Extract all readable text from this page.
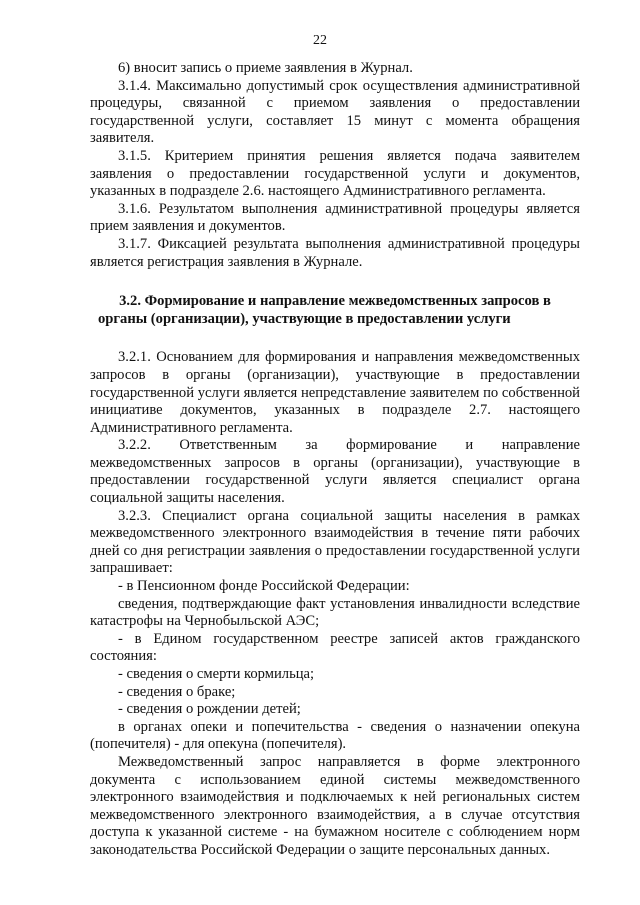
22

6) вносит запись о приеме заявления в Журнал.

3.1.4. Максимально допустимый срок осуществления административной процедуры, связанной с приемом заявления о предоставлении государственной услуги, составляет 15 минут с момента обращения заявителя.

3.1.5. Критерием принятия решения является подача заявителем заявления о предоставлении государственной услуги и документов, указанных в подразделе 2.6. настоящего Административного регламента.

3.1.6. Результатом выполнения административной процедуры является прием заявления и документов.

3.1.7. Фиксацией результата выполнения административной процедуры является регистрация заявления в Журнале.

3.2. Формирование и направление межведомственных запросов в органы (организации), участвующие в предоставлении услуги

3.2.1. Основанием для формирования и направления межведомственных запросов в органы (организации), участвующие в предоставлении государственной услуги является непредставление заявителем по собственной инициативе документов, указанных в подразделе 2.7. настоящего Административного регламента.

3.2.2. Ответственным за формирование и направление межведомственных запросов в органы (организации), участвующие в предоставлении государственной услуги является специалист органа социальной защиты населения.

3.2.3. Специалист органа социальной защиты населения в рамках межведомственного электронного взаимодействия в течение пяти рабочих дней со дня регистрации заявления о предоставлении государственной услуги запрашивает:

- в Пенсионном фонде Российской Федерации:

сведения, подтверждающие факт установления инвалидности вследствие катастрофы на Чернобыльской АЭС;

- в Едином государственном реестре записей актов гражданского состояния:

- сведения о смерти кормильца;

- сведения о браке;

- сведения о рождении детей;

в органах опеки и попечительства - сведения о назначении опекуна (попечителя) - для опекуна (попечителя).

Межведомственный запрос направляется в форме электронного документа с использованием единой системы межведомственного электронного взаимодействия и подключаемых к ней региональных систем межведомственного электронного взаимодействия, а в случае отсутствия доступа к указанной системе - на бумажном носителе с соблюдением норм законодательства Российской Федерации о защите персональных данных.
